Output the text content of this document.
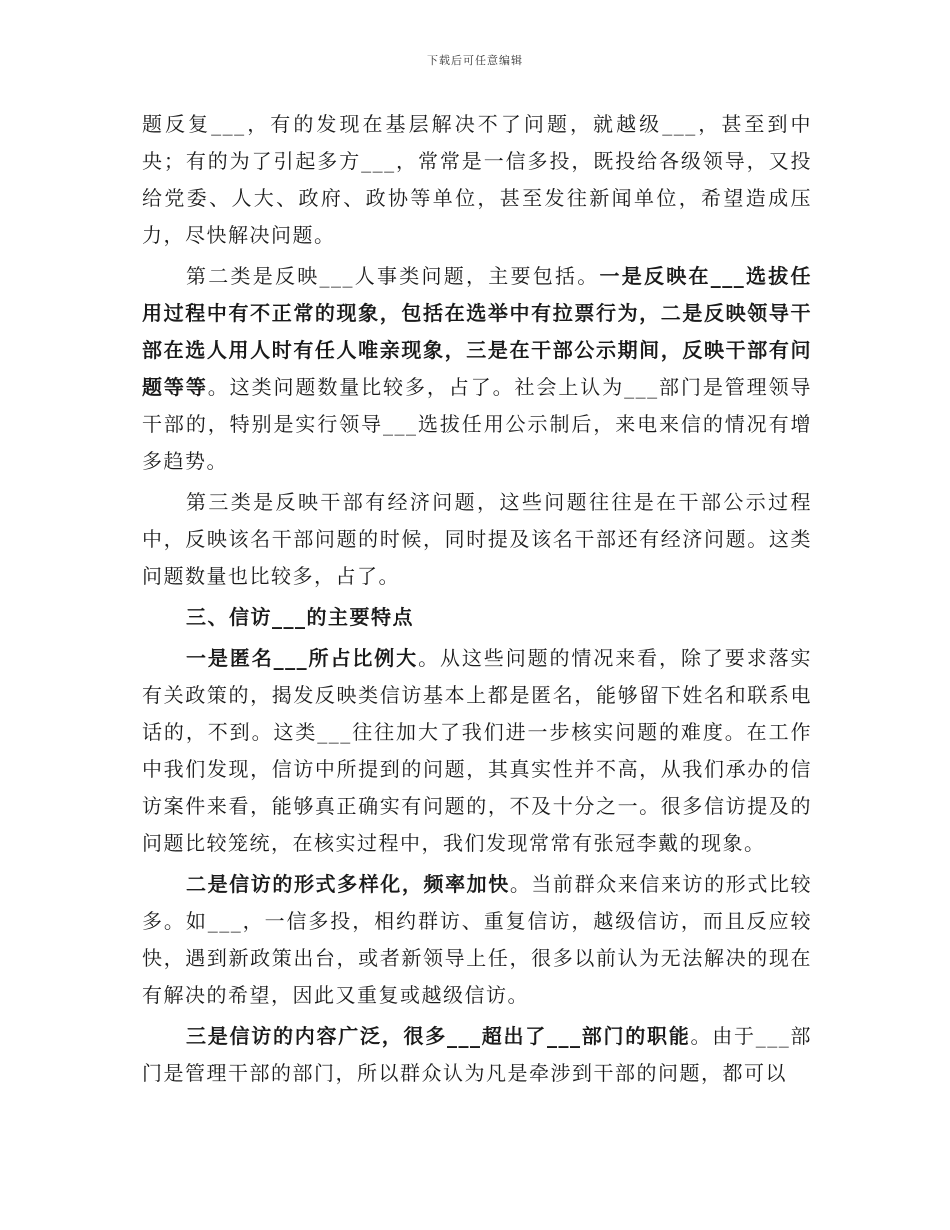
下载后可任意编辑

题反复___，有的发现在基层解决不了问题，就越级___，甚至到中央；有的为了引起多方___，常常是一信多投，既投给各级领导，又投给党委、人大、政府、政协等单位，甚至发往新闻单位，希望造成压力，尽快解决问题。

第二类是反映___人事类问题，主要包括。一是反映在___选拔任用过程中有不正常的现象，包括在选举中有拉票行为，二是反映领导干部在选人用人时有任人唯亲现象，三是在干部公示期间，反映干部有问题等等。这类问题数量比较多，占了。社会上认为___部门是管理领导干部的，特别是实行领导___选拔任用公示制后，来电来信的情况有增多趋势。

第三类是反映干部有经济问题，这些问题往往是在干部公示过程中，反映该名干部问题的时候，同时提及该名干部还有经济问题。这类问题数量也比较多，占了。

三、信访___的主要特点

一是匿名___所占比例大。从这些问题的情况来看，除了要求落实有关政策的，揭发反映类信访基本上都是匿名，能够留下姓名和联系电话的，不到。这类___往往加大了我们进一步核实问题的难度。在工作中我们发现，信访中所提到的问题，其真实性并不高，从我们承办的信访案件来看，能够真正确实有问题的，不及十分之一。很多信访提及的问题比较笼统，在核实过程中，我们发现常常有张冠李戴的现象。

二是信访的形式多样化，频率加快。当前群众来信来访的形式比较多。如___，一信多投，相约群访、重复信访，越级信访，而且反应较快，遇到新政策出台，或者新领导上任，很多以前认为无法解决的现在有解决的希望，因此又重复或越级信访。

三是信访的内容广泛，很多___超出了___部门的职能。由于___部门是管理干部的部门，所以群众认为凡是牵涉到干部的问题，都可以
